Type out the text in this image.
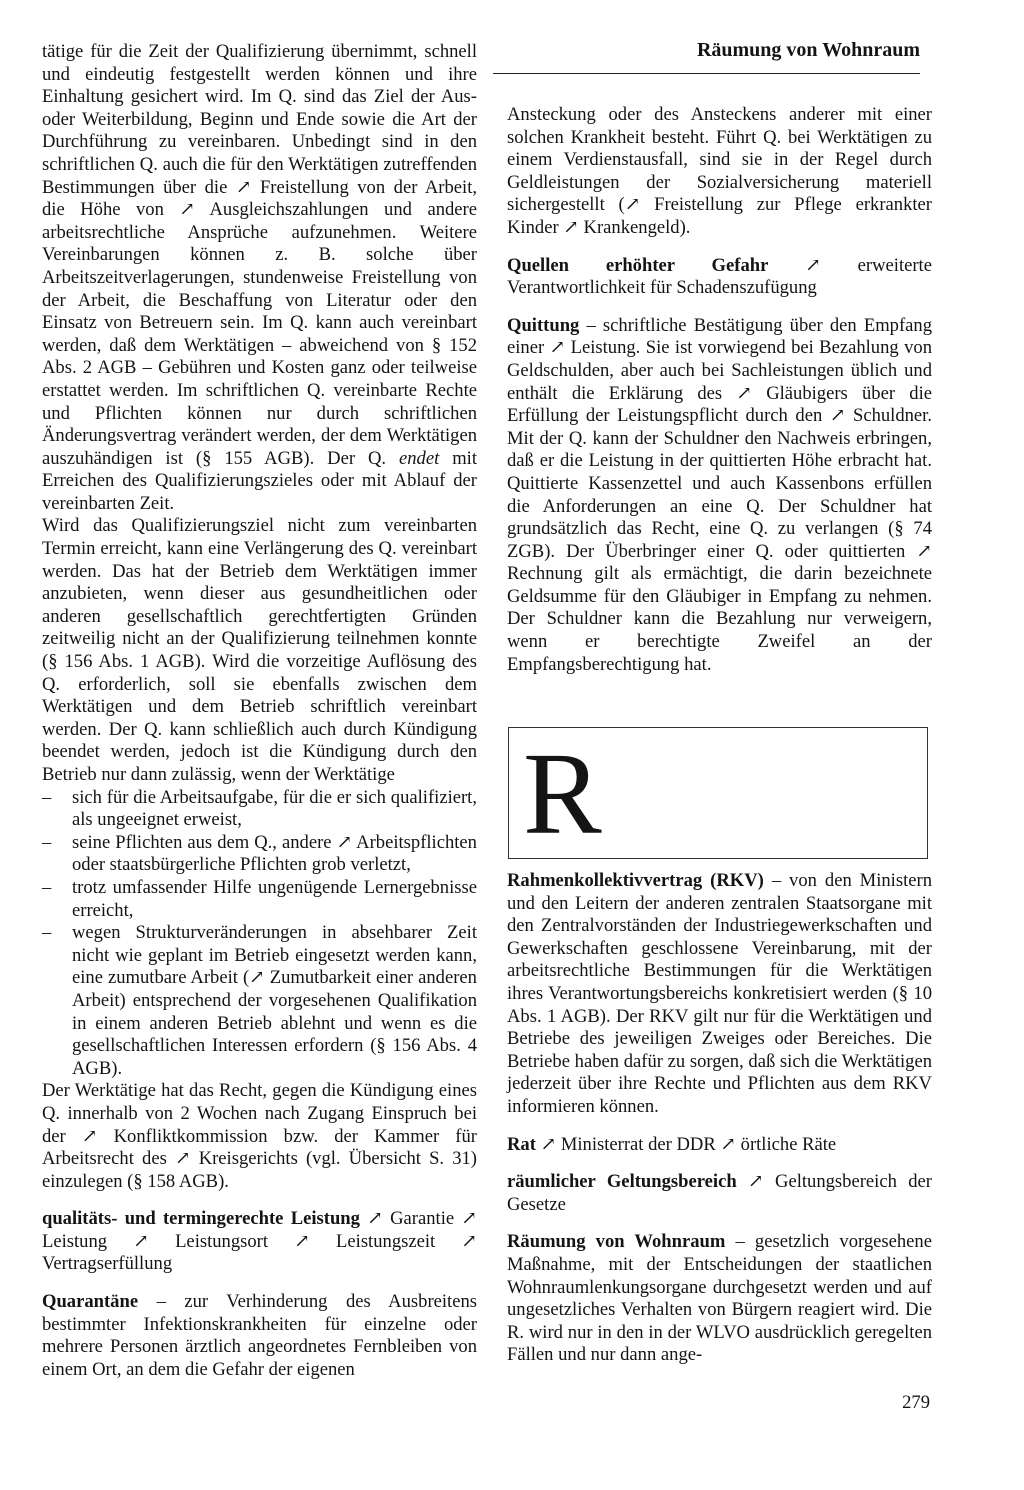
Räumung von Wohnraum

tätige für die Zeit der Qualifizierung übernimmt, schnell und eindeutig festgestellt werden können und ihre Einhaltung gesichert wird. Im Q. sind das Ziel der Aus- oder Weiterbildung, Beginn und Ende sowie die Art der Durchführung zu vereinbaren. Unbedingt sind in den schriftlichen Q. auch die für den Werktätigen zutreffenden Bestimmungen über die ↗ Freistellung von der Arbeit, die Höhe von ↗ Ausgleichszahlungen und andere arbeitsrechtliche Ansprüche aufzunehmen. Weitere Vereinbarungen können z. B. solche über Arbeitszeitverlagerungen, stundenweise Freistellung von der Arbeit, die Beschaffung von Literatur oder den Einsatz von Betreuern sein. Im Q. kann auch vereinbart werden, daß dem Werktätigen – abweichend von § 152 Abs. 2 AGB – Gebühren und Kosten ganz oder teilweise erstattet werden. Im schriftlichen Q. vereinbarte Rechte und Pflichten können nur durch schriftlichen Änderungsvertrag verändert werden, der dem Werktätigen auszuhändigen ist (§ 155 AGB). Der Q. endet mit Erreichen des Qualifizierungszieles oder mit Ablauf der vereinbarten Zeit.

Wird das Qualifizierungsziel nicht zum vereinbarten Termin erreicht, kann eine Verlängerung des Q. vereinbart werden. Das hat der Betrieb dem Werktätigen immer anzubieten, wenn dieser aus gesundheitlichen oder anderen gesellschaftlich gerechtfertigten Gründen zeitweilig nicht an der Qualifizierung teilnehmen konnte (§ 156 Abs. 1 AGB). Wird die vorzeitige Auflösung des Q. erforderlich, soll sie ebenfalls zwischen dem Werktätigen und dem Betrieb schriftlich vereinbart werden. Der Q. kann schließlich auch durch Kündigung beendet werden, jedoch ist die Kündigung durch den Betrieb nur dann zulässig, wenn der Werktätige

– sich für die Arbeitsaufgabe, für die er sich qualifiziert, als ungeeignet erweist,
– seine Pflichten aus dem Q., andere ↗ Arbeitspflichten oder staatsbürgerliche Pflichten grob verletzt,
– trotz umfassender Hilfe ungenügende Lernergebnisse erreicht,
– wegen Strukturveränderungen in absehbarer Zeit nicht wie geplant im Betrieb eingesetzt werden kann, eine zumutbare Arbeit (↗ Zumutbarkeit einer anderen Arbeit) entsprechend der vorgesehenen Qualifikation in einem anderen Betrieb ablehnt und wenn es die gesellschaftlichen Interessen erfordern (§ 156 Abs. 4 AGB).

Der Werktätige hat das Recht, gegen die Kündigung eines Q. innerhalb von 2 Wochen nach Zugang Einspruch bei der ↗ Konfliktkommission bzw. der Kammer für Arbeitsrecht des ↗ Kreisgerichts (vgl. Übersicht S. 31) einzulegen (§ 158 AGB).

qualitäts- und termingerechte Leistung ↗ Garantie ↗ Leistung ↗ Leistungsort ↗ Leistungszeit ↗ Vertragserfüllung

Quarantäne – zur Verhinderung des Ausbreitens bestimmter Infektionskrankheiten für einzelne oder mehrere Personen ärztlich angeordnetes Fernbleiben von einem Ort, an dem die Gefahr der eigenen

Ansteckung oder des Ansteckens anderer mit einer solchen Krankheit besteht. Führt Q. bei Werktätigen zu einem Verdienstausfall, sind sie in der Regel durch Geldleistungen der Sozialversicherung materiell sichergestellt (↗ Freistellung zur Pflege erkrankter Kinder ↗ Krankengeld).

Quellen erhöhter Gefahr ↗ erweiterte Verantwortlichkeit für Schadenszufügung

Quittung – schriftliche Bestätigung über den Empfang einer ↗ Leistung. Sie ist vorwiegend bei Bezahlung von Geldschulden, aber auch bei Sachleistungen üblich und enthält die Erklärung des ↗ Gläubigers über die Erfüllung der Leistungspflicht durch den ↗ Schuldner. Mit der Q. kann der Schuldner den Nachweis erbringen, daß er die Leistung in der quittierten Höhe erbracht hat. Quittierte Kassenzettel und auch Kassenbons erfüllen die Anforderungen an eine Q. Der Schuldner hat grundsätzlich das Recht, eine Q. zu verlangen (§ 74 ZGB). Der Überbringer einer Q. oder quittierten ↗ Rechnung gilt als ermächtigt, die darin bezeichnete Geldsumme für den Gläubiger in Empfang zu nehmen. Der Schuldner kann die Bezahlung nur verweigern, wenn er berechtigte Zweifel an der Empfangsberechtigung hat.

R

Rahmenkollektivvertrag (RKV) – von den Ministern und den Leitern der anderen zentralen Staatsorgane mit den Zentralvorständen der Industriegewerkschaften und Gewerkschaften geschlossene Vereinbarung, mit der arbeitsrechtliche Bestimmungen für die Werktätigen ihres Verantwortungsbereichs konkretisiert werden (§ 10 Abs. 1 AGB). Der RKV gilt nur für die Werktätigen und Betriebe des jeweiligen Zweiges oder Bereiches. Die Betriebe haben dafür zu sorgen, daß sich die Werktätigen jederzeit über ihre Rechte und Pflichten aus dem RKV informieren können.

Rat ↗ Ministerrat der DDR ↗ örtliche Räte

räumlicher Geltungsbereich ↗ Geltungsbereich der Gesetze

Räumung von Wohnraum – gesetzlich vorgesehene Maßnahme, mit der Entscheidungen der staatlichen Wohnraumlenkungsorgane durchgesetzt werden und auf ungesetzliches Verhalten von Bürgern reagiert wird. Die R. wird nur in den in der WLVO ausdrücklich geregelten Fällen und nur dann ange-

279
